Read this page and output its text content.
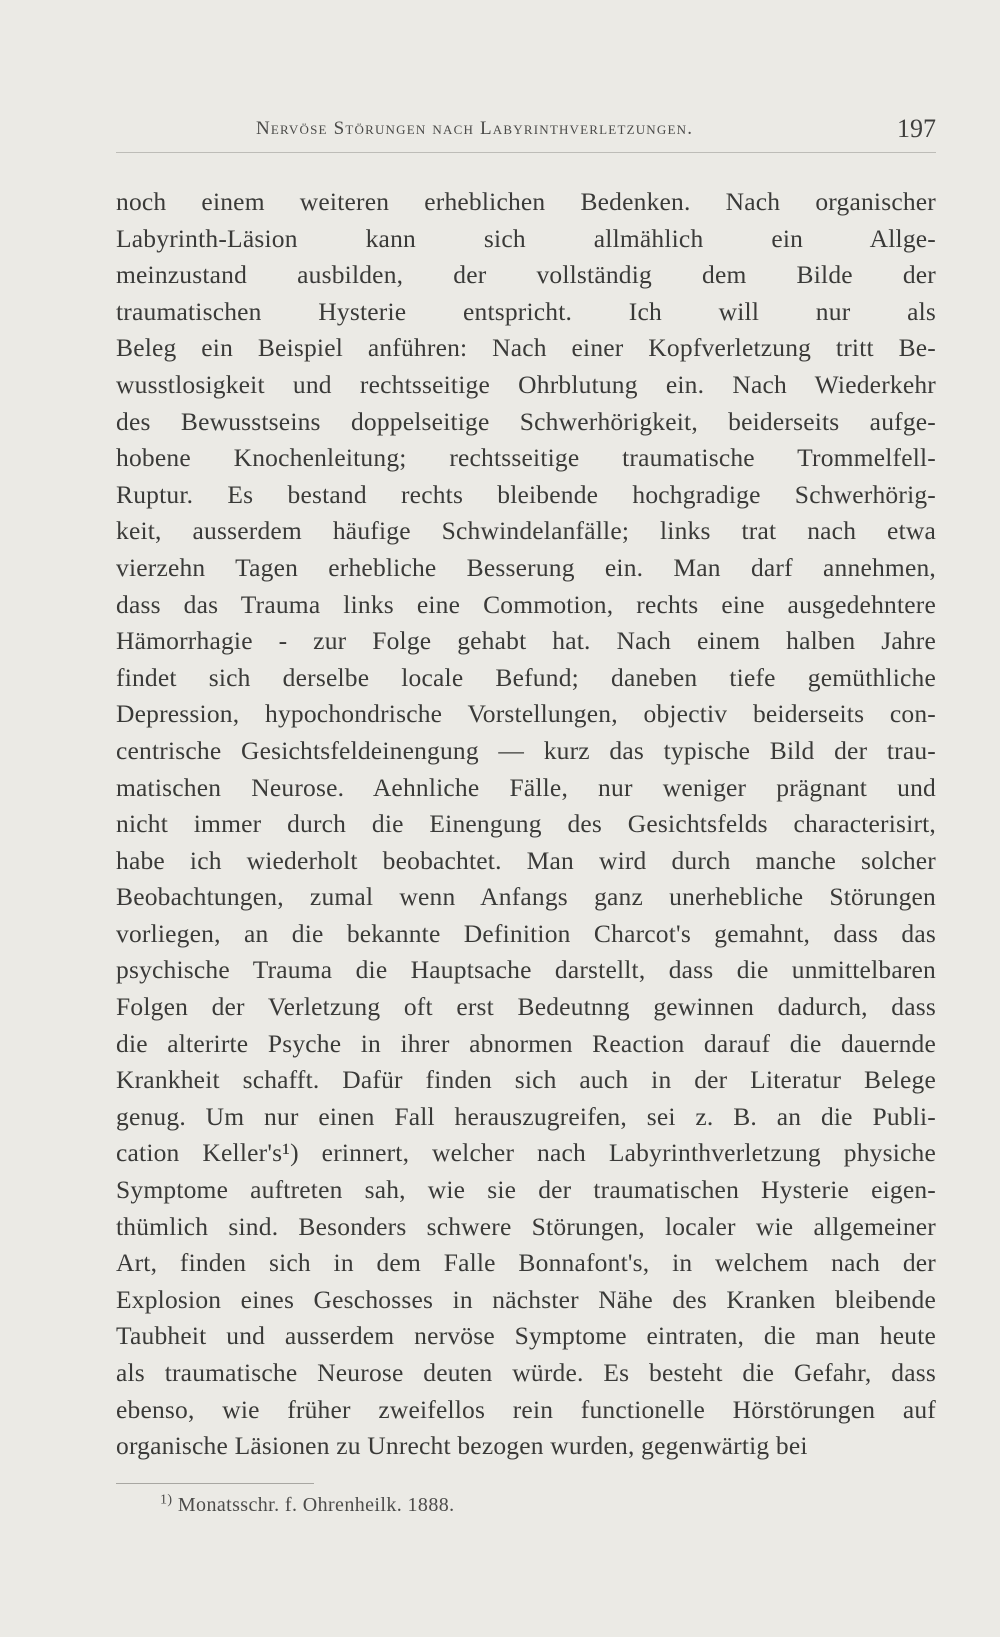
Nervöse Störungen nach Labyrinthverletzungen.	197
noch einem weiteren erheblichen Bedenken. Nach organischer
Labyrinth-Läsion kann sich allmählich ein Allge-
meinzustand ausbilden, der vollständig dem Bilde der
traumatischen Hysterie entspricht. Ich will nur als
Beleg ein Beispiel anführen: Nach einer Kopfverletzung tritt Be-
wusstlosigkeit und rechtsseitige Ohrblutung ein. Nach Wiederkehr
des Bewusstseins doppelseitige Schwerhörigkeit, beiderseits aufge-
hobene Knochenleitung; rechtsseitige traumatische Trommelfell-
Ruptur. Es bestand rechts bleibende hochgradige Schwerhörig-
keit, ausserdem häufige Schwindelanfälle; links trat nach etwa
vierzehn Tagen erhebliche Besserung ein. Man darf annehmen,
dass das Trauma links eine Commotion, rechts eine ausgedehntere
Hämorrhagie - zur Folge gehabt hat. Nach einem halben Jahre
findet sich derselbe locale Befund; daneben tiefe gemüthliche
Depression, hypochondrische Vorstellungen, objectiv beiderseits con-
centrische Gesichtsfeldeinengung — kurz das typische Bild der trau-
matischen Neurose. Aehnliche Fälle, nur weniger prägnant und
nicht immer durch die Einengung des Gesichtsfelds characterisirt,
habe ich wiederholt beobachtet. Man wird durch manche solcher
Beobachtungen, zumal wenn Anfangs ganz unerhebliche Störungen
vorliegen, an die bekannte Definition Charcot's gemahnt, dass das
psychische Trauma die Hauptsache darstellt, dass die unmittelbaren
Folgen der Verletzung oft erst Bedeutnng gewinnen dadurch, dass
die alterirte Psyche in ihrer abnormen Reaction darauf die dauernde
Krankheit schafft. Dafür finden sich auch in der Literatur Belege
genug. Um nur einen Fall herauszugreifen, sei z. B. an die Publi-
cation Keller's¹) erinnert, welcher nach Labyrinthverletzung physiche
Symptome auftreten sah, wie sie der traumatischen Hysterie eigen-
thümlich sind. Besonders schwere Störungen, localer wie allgemeiner
Art, finden sich in dem Falle Bonnafont's, in welchem nach der
Explosion eines Geschosses in nächster Nähe des Kranken bleibende
Taubheit und ausserdem nervöse Symptome eintraten, die man heute
als traumatische Neurose deuten würde. Es besteht die Gefahr, dass
ebenso, wie früher zweifellos rein functionelle Hörstörungen auf
organische Läsionen zu Unrecht bezogen wurden, gegenwärtig bei
$^{1)}$ Monatsschr. f. Ohrenheilk. 1888.
